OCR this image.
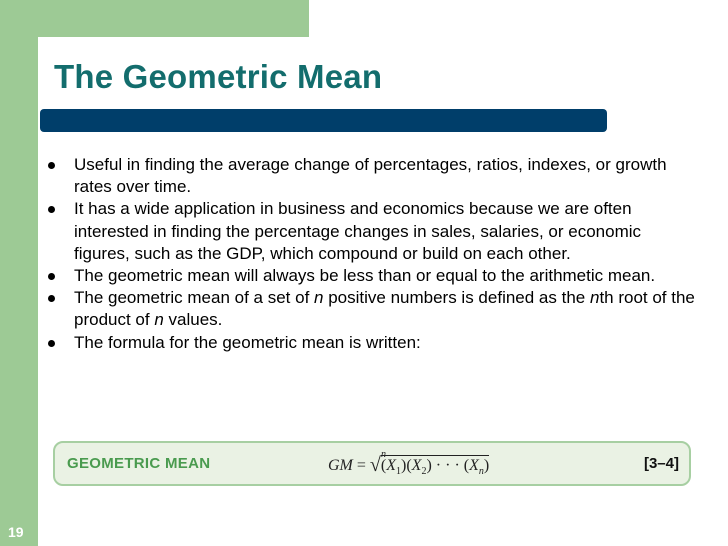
The Geometric Mean
Useful in finding the average change of percentages, ratios, indexes, or growth rates over time.
It has a wide application in business and economics because we are often interested in finding the percentage changes in sales, salaries, or economic figures, such as the GDP, which compound or build on each other.
The geometric mean will always be less than or equal to the arithmetic mean.
The geometric mean of a set of n positive numbers is defined as the nth root of the product of n values.
The formula for the geometric mean is written:
GEOMETRIC MEAN	GM =
n
$√(X_1)(X_2)$ · · · $(X_n)$	[3–4]
19
